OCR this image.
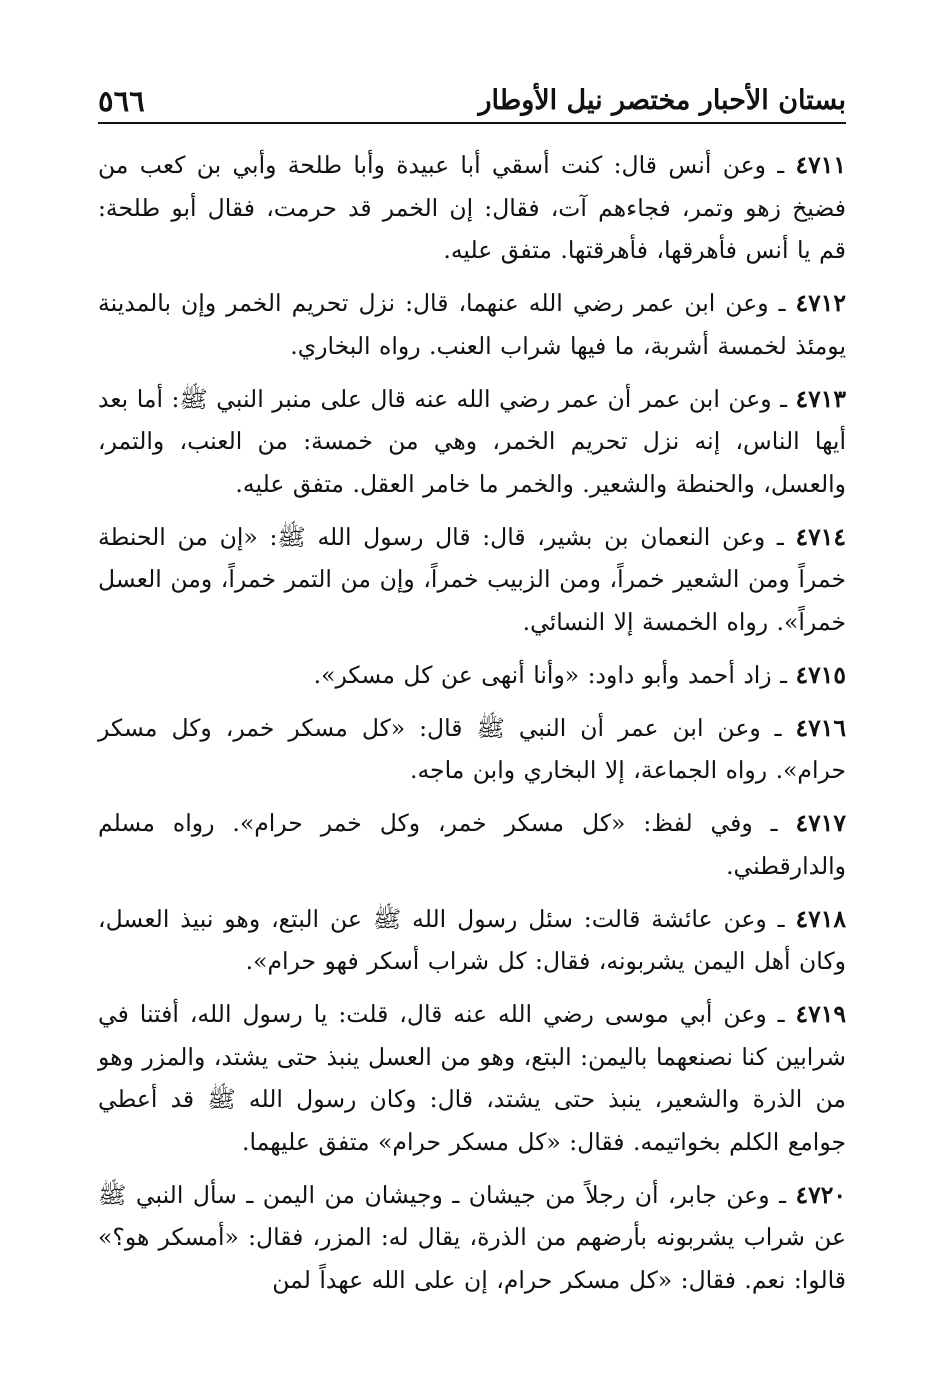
بستان الأحبار مختصر نيل الأوطار
٥٦٦

٤٧١١ ـ وعن أنس قال: كنت أسقي أبا عبيدة وأبا طلحة وأبي بن كعب من فضيخ زهو وتمر، فجاءهم آت، فقال: إن الخمر قد حرمت، فقال أبو طلحة: قم يا أنس فأهرقها، فأهرقتها. متفق عليه.

٤٧١٢ ـ وعن ابن عمر رضي الله عنهما، قال: نزل تحريم الخمر وإن بالمدينة يومئذ لخمسة أشربة، ما فيها شراب العنب. رواه البخاري.

٤٧١٣ ـ وعن ابن عمر أن عمر رضي الله عنه قال على منبر النبي ﷺ: أما بعد أيها الناس، إنه نزل تحريم الخمر، وهي من خمسة: من العنب، والتمر، والعسل، والحنطة والشعير. والخمر ما خامر العقل. متفق عليه.

٤٧١٤ ـ وعن النعمان بن بشير، قال: قال رسول الله ﷺ: «إن من الحنطة خمراً ومن الشعير خمراً، ومن الزبيب خمراً، وإن من التمر خمراً، ومن العسل خمراً». رواه الخمسة إلا النسائي.

٤٧١٥ ـ زاد أحمد وأبو داود: «وأنا أنهى عن كل مسكر».

٤٧١٦ ـ وعن ابن عمر أن النبي ﷺ قال: «كل مسكر خمر، وكل مسكر حرام». رواه الجماعة، إلا البخاري وابن ماجه.

٤٧١٧ ـ وفي لفظ: «كل مسكر خمر، وكل خمر حرام». رواه مسلم والدارقطني.

٤٧١٨ ـ وعن عائشة قالت: سئل رسول الله ﷺ عن البتع، وهو نبيذ العسل، وكان أهل اليمن يشربونه، فقال: كل شراب أسكر فهو حرام».

٤٧١٩ ـ وعن أبي موسى رضي الله عنه قال، قلت: يا رسول الله، أفتنا في شرابين كنا نصنعهما باليمن: البتع، وهو من العسل ينبذ حتى يشتد، والمزر وهو من الذرة والشعير، ينبذ حتى يشتد، قال: وكان رسول الله ﷺ قد أعطي جوامع الكلم بخواتيمه. فقال: «كل مسكر حرام» متفق عليهما.

٤٧٢٠ ـ وعن جابر، أن رجلاً من جيشان ـ وجيشان من اليمن ـ سأل النبي ﷺ عن شراب يشربونه بأرضهم من الذرة، يقال له: المزر، فقال: «أمسكر هو؟» قالوا: نعم. فقال: «كل مسكر حرام، إن على الله عهداً لمن
